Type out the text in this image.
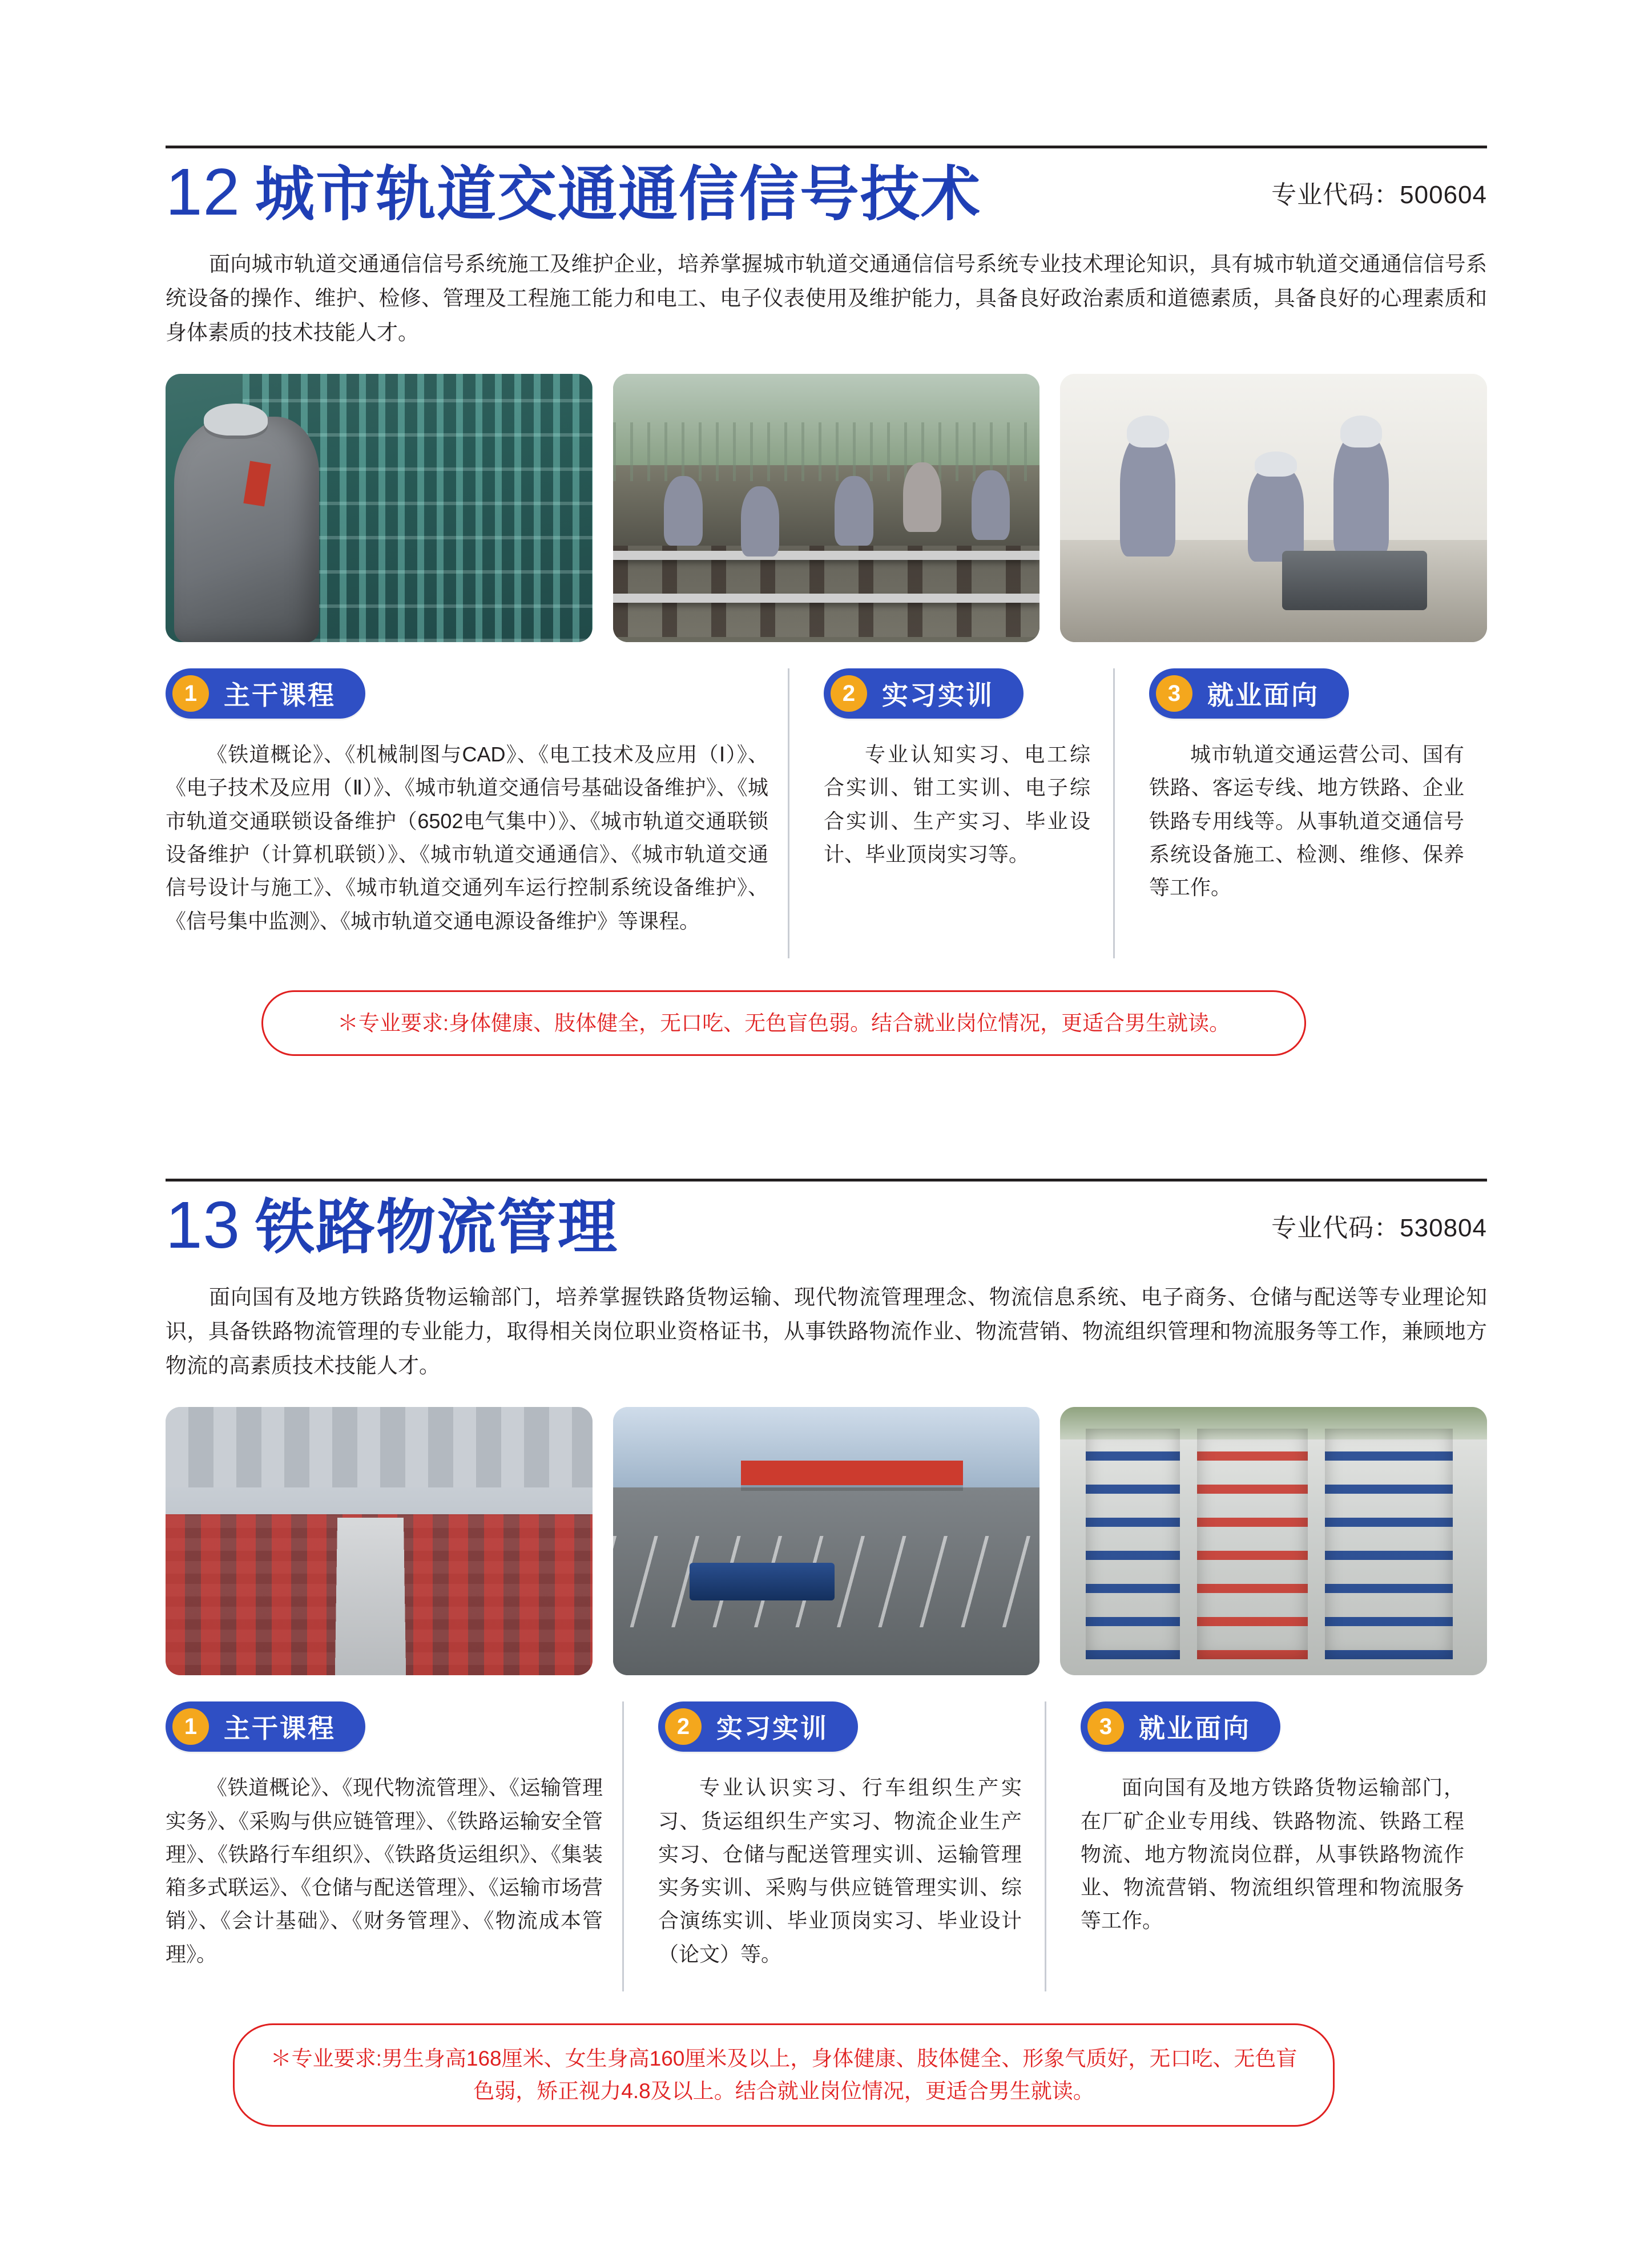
12 城市轨道交通通信信号技术	专业代码：500604

面向城市轨道交通通信信号系统施工及维护企业，培养掌握城市轨道交通通信信号系统专业技术理论知识，具有城市轨道交通通信信号系统设备的操作、维护、检修、管理及工程施工能力和电工、电子仪表使用及维护能力，具备良好政治素质和道德素质，具备良好的心理素质和身体素质的技术技能人才。

1	主干课程

《铁道概论》、《机械制图与CAD》、《电工技术及应用（Ⅰ）》、《电子技术及应用（Ⅱ）》、《城市轨道交通信号基础设备维护》、《城市轨道交通联锁设备维护（6502电气集中）》、《城市轨道交通联锁设备维护（计算机联锁）》、《城市轨道交通通信》、《城市轨道交通信号设计与施工》、《城市轨道交通列车运行控制系统设备维护》、《信号集中监测》、《城市轨道交通电源设备维护》等课程。

2	实习实训

专业认知实习、电工综合实训、钳工实训、电子综合实训、生产实习、毕业设计、毕业顶岗实习等。

3	就业面向

城市轨道交通运营公司、国有铁路、客运专线、地方铁路、企业铁路专用线等。从事轨道交通信号系统设备施工、检测、维修、保养等工作。

＊专业要求:身体健康、肢体健全，无口吃、无色盲色弱。结合就业岗位情况，更适合男生就读。
13 铁路物流管理	专业代码：530804

面向国有及地方铁路货物运输部门，培养掌握铁路货物运输、现代物流管理理念、物流信息系统、电子商务、仓储与配送等专业理论知识，具备铁路物流管理的专业能力，取得相关岗位职业资格证书，从事铁路物流作业、物流营销、物流组织管理和物流服务等工作，兼顾地方物流的高素质技术技能人才。

1	主干课程

《铁道概论》、《现代物流管理》、《运输管理实务》、《采购与供应链管理》、《铁路运输安全管理》、《铁路行车组织》、《铁路货运组织》、《集装箱多式联运》、《仓储与配送管理》、《运输市场营销》、《会计基础》、《财务管理》、《物流成本管理》。

2	实习实训

专业认识实习、行车组织生产实习、货运组织生产实习、物流企业生产实习、仓储与配送管理实训、运输管理实务实训、采购与供应链管理实训、综合演练实训、毕业顶岗实习、毕业设计（论文）等。

3	就业面向

面向国有及地方铁路货物运输部门，在厂矿企业专用线、铁路物流、铁路工程物流、地方物流岗位群，从事铁路物流作业、物流营销、物流组织管理和物流服务等工作。

＊专业要求:男生身高168厘米、女生身高160厘米及以上，身体健康、肢体健全、形象气质好，无口吃、无色盲色弱，矫正视力4.8及以上。结合就业岗位情况，更适合男生就读。
